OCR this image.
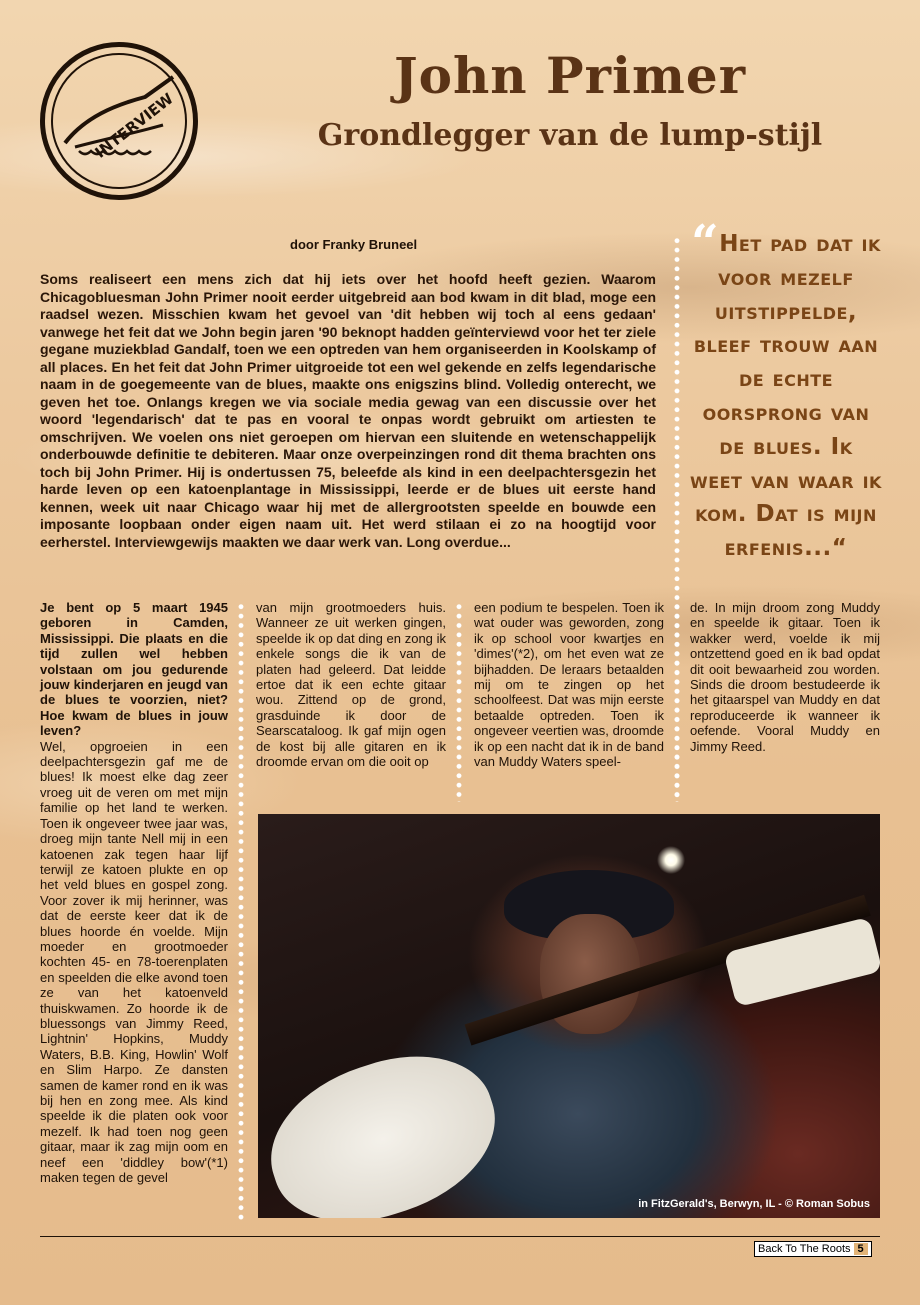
INTERVIEW
John Primer
Grondlegger van de lump-stijl
door Franky Bruneel
Soms realiseert een mens zich dat hij iets over het hoofd heeft gezien. Waarom Chicagobluesman John Primer nooit eerder uitgebreid aan bod kwam in dit blad, moge een raadsel wezen. Misschien kwam het gevoel van 'dit hebben wij toch al eens gedaan' vanwege het feit dat we John begin jaren '90 beknopt hadden geïnterviewd voor het ter ziele gegane muziekblad Gandalf, toen we een optreden van hem organiseerden in Koolskamp of all places. En het feit dat John Primer uitgroeide tot een wel gekende en zelfs legendarische naam in de goegemeente van de blues, maakte ons enigszins blind. Volledig onterecht, we geven het toe. Onlangs kregen we via sociale media gewag van een discussie over het woord 'legendarisch' dat te pas en vooral te onpas wordt gebruikt om artiesten te omschrijven. We voelen ons niet geroepen om hiervan een sluitende en wetenschappelijk onderbouwde definitie te debiteren. Maar onze overpeinzingen rond dit thema brachten ons toch bij John Primer. Hij is ondertussen 75, beleefde als kind in een deelpachtersgezin het harde leven op een katoenplantage in Mississippi, leerde er de blues uit eerste hand kennen, week uit naar Chicago waar hij met de allergrootsten speelde en bouwde een imposante loopbaan onder eigen naam uit. Het werd stilaan ei zo na hoogtijd voor eerherstel. Interviewgewijs maakten we daar werk van. Long overdue...
“Het pad dat ik voor mezelf uitstippelde, bleef trouw aan de echte oorsprong van de blues. Ik weet van waar ik kom. Dat is mijn erfenis...“
Je bent op 5 maart 1945 geboren in Camden, Mississippi. Die plaats en die tijd zullen wel hebben volstaan om jou gedurende jouw kinderjaren en jeugd van de blues te voorzien, niet? Hoe kwam de blues in jouw leven?
Wel, opgroeien in een deelpachtersgezin gaf me de blues! Ik moest elke dag zeer vroeg uit de veren om met mijn familie op het land te werken. Toen ik ongeveer twee jaar was, droeg mijn tante Nell mij in een katoenen zak tegen haar lijf terwijl ze katoen plukte en op het veld blues en gospel zong. Voor zover ik mij herinner, was dat de eerste keer dat ik de blues hoorde én voelde. Mijn moeder en grootmoeder kochten 45- en 78-toerenplaten en speelden die elke avond toen ze van het katoenveld thuiskwamen. Zo hoorde ik de bluessongs van Jimmy Reed, Lightnin' Hopkins, Muddy Waters, B.B. King, Howlin' Wolf en Slim Harpo. Ze dansten samen de kamer rond en ik was bij hen en zong mee. Als kind speelde ik die platen ook voor mezelf. Ik had toen nog geen gitaar, maar ik zag mijn oom en neef een 'diddley bow'(*1) maken tegen de gevel
van mijn grootmoeders huis. Wanneer ze uit werken gingen, speelde ik op dat ding en zong ik enkele songs die ik van de platen had geleerd. Dat leidde ertoe dat ik een echte gitaar wou. Zittend op de grond, grasduinde ik door de Searscataloog. Ik gaf mijn ogen de kost bij alle gitaren en ik droomde ervan om die ooit op
een podium te bespelen. Toen ik wat ouder was geworden, zong ik op school voor kwartjes en 'dimes'(*2), om het even wat ze bijhadden. De leraars betaalden mij om te zingen op het schoolfeest. Dat was mijn eerste betaalde optreden. Toen ik ongeveer veertien was, droomde ik op een nacht dat ik in de band van Muddy Waters speel-
de. In mijn droom zong Muddy en speelde ik gitaar. Toen ik wakker werd, voelde ik mij ontzettend goed en ik bad opdat dit ooit bewaarheid zou worden. Sinds die droom bestudeerde ik het gitaarspel van Muddy en dat reproduceerde ik wanneer ik oefende. Vooral Muddy en Jimmy Reed.
in FitzGerald's, Berwyn, IL - © Roman Sobus
Back To The Roots 5
